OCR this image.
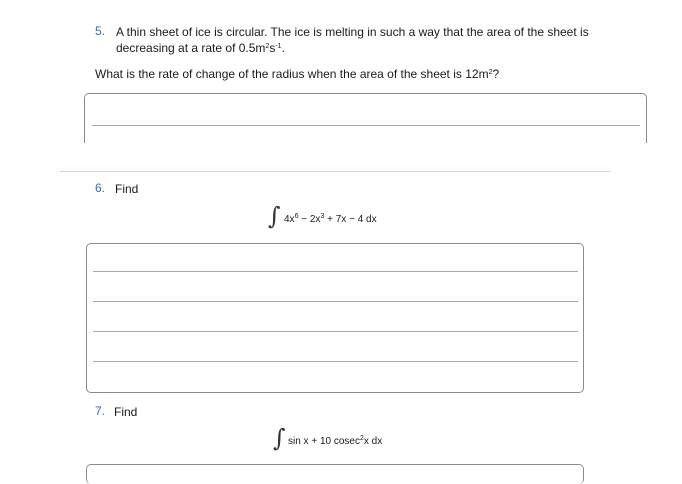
5. A thin sheet of ice is circular. The ice is melting in such a way that the area of the sheet is
decreasing at a rate of $0.5m^2s^{-1}$.
What is the rate of change of the radius when the area of the sheet is $12m^2$?
6. Find
∫ $4x^6 - 2x^3 + 7x - 4$ dx
7. Find
∫ sin x + 10 cosec$^2$x dx
